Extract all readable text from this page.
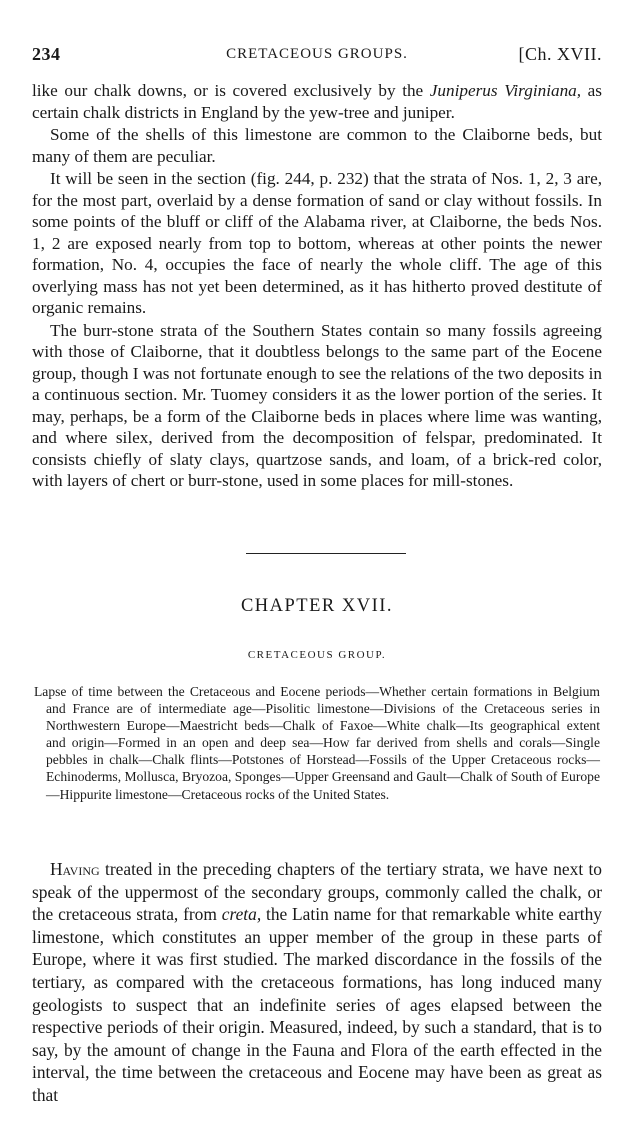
234	CRETACEOUS GROUPS.	[Ch. XVII.

like our chalk downs, or is covered exclusively by the Juniperus Virginiana, as certain chalk districts in England by the yew-tree and juniper.

Some of the shells of this limestone are common to the Claiborne beds, but many of them are peculiar.

It will be seen in the section (fig. 244, p. 232) that the strata of Nos. 1, 2, 3 are, for the most part, overlaid by a dense formation of sand or clay without fossils. In some points of the bluff or cliff of the Alabama river, at Claiborne, the beds Nos. 1, 2 are exposed nearly from top to bottom, whereas at other points the newer formation, No. 4, occupies the face of nearly the whole cliff. The age of this overlying mass has not yet been determined, as it has hitherto proved destitute of organic remains.

The burr-stone strata of the Southern States contain so many fossils agreeing with those of Claiborne, that it doubtless belongs to the same part of the Eocene group, though I was not fortunate enough to see the relations of the two deposits in a continuous section. Mr. Tuomey considers it as the lower portion of the series. It may, perhaps, be a form of the Claiborne beds in places where lime was wanting, and where silex, derived from the decomposition of felspar, predominated. It consists chiefly of slaty clays, quartzose sands, and loam, of a brick-red color, with layers of chert or burr-stone, used in some places for mill-stones.

CHAPTER XVII.
CRETACEOUS GROUP.
Lapse of time between the Cretaceous and Eocene periods—Whether certain formations in Belgium and France are of intermediate age—Pisolitic limestone—Divisions of the Cretaceous series in Northwestern Europe—Maestricht beds—Chalk of Faxoe—White chalk—Its geographical extent and origin—Formed in an open and deep sea—How far derived from shells and corals—Single pebbles in chalk—Chalk flints—Potstones of Horstead—Fossils of the Upper Cretaceous rocks—Echinoderms, Mollusca, Bryozoa, Sponges—Upper Greensand and Gault—Chalk of South of Europe—Hippurite limestone—Cretaceous rocks of the United States.

Having treated in the preceding chapters of the tertiary strata, we have next to speak of the uppermost of the secondary groups, commonly called the chalk, or the cretaceous strata, from creta, the Latin name for that remarkable white earthy limestone, which constitutes an upper member of the group in these parts of Europe, where it was first studied. The marked discordance in the fossils of the tertiary, as compared with the cretaceous formations, has long induced many geologists to suspect that an indefinite series of ages elapsed between the respective periods of their origin. Measured, indeed, by such a standard, that is to say, by the amount of change in the Fauna and Flora of the earth effected in the interval, the time between the cretaceous and Eocene may have been as great as that
